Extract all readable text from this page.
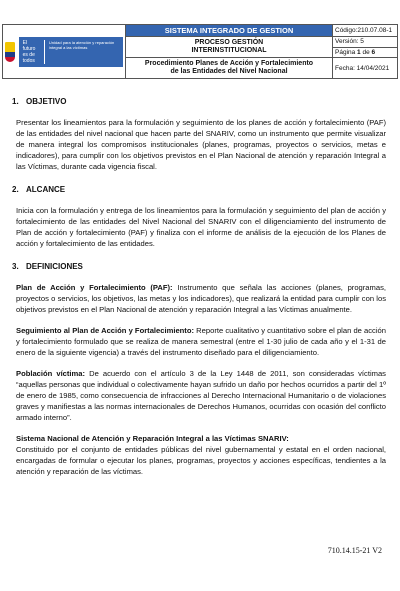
El futuro
es de todos
Unidad para la atención y reparación integral a las víctimas	SISTEMA INTEGRADO DE GESTION	Código:210.07.08-1
	PROCESO GESTIÓN
INTERINSTITUCIONAL	Versión: 5
		Página 1 de 6
	Procedimiento Planes de Acción y Fortalecimiento
de las Entidades del Nivel Nacional	Fecha: 14/04/2021
1. OBJETIVO

Presentar los lineamientos para la formulación y seguimiento de los planes de acción y fortalecimiento (PAF) de las entidades del nivel nacional que hacen parte del SNARIV, como un instrumento que permite visualizar de manera integral los compromisos institucionales (planes, programas, proyectos o servicios, metas e indicadores), para cumplir con los objetivos previstos en el Plan Nacional de atención y reparación Integral a las Víctimas, durante cada vigencia fiscal.

2. ALCANCE

Inicia con la formulación y entrega de los lineamientos para la formulación y seguimiento del plan de acción y fortalecimiento de las entidades del Nivel Nacional del SNARIV con el diligenciamiento del instrumento de Plan de acción y fortalecimiento (PAF) y finaliza con el informe de análisis de la ejecución de los Planes de acción y fortalecimiento de las entidades.

3. DEFINICIONES
Plan de Acción y Fortalecimiento (PAF): Instrumento que señala las acciones (planes, programas, proyectos o servicios, los objetivos, las metas y los indicadores), que realizará la entidad para cumplir con los objetivos previstos en el Plan Nacional de atención y reparación Integral a las Víctimas anualmente.
Seguimiento al Plan de Acción y Fortalecimiento: Reporte cualitativo y cuantitativo sobre el plan de acción y fortalecimiento formulado que se realiza de manera semestral (entre el 1-30 julio de cada año y el 1-31 de enero de la siguiente vigencia) a través del instrumento diseñado para el diligenciamiento.
Población víctima: De acuerdo con el artículo 3 de la Ley 1448 de 2011, son consideradas víctimas “aquellas personas que individual o colectivamente hayan sufrido un daño por hechos ocurridos a partir del 1º de enero de 1985, como consecuencia de infracciones al Derecho Internacional Humanitario o de violaciones graves y manifiestas a las normas internacionales de Derechos Humanos, ocurridas con ocasión del conflicto armado interno”.
Sistema Nacional de Atención y Reparación Integral a las Víctimas SNARIV:
Constituido por el conjunto de entidades públicas del nivel gubernamental y estatal en el orden nacional, encargadas de formular o ejecutar los planes, programas, proyectos y acciones específicas, tendientes a la atención y reparación de las víctimas.
710.14.15-21 V2
